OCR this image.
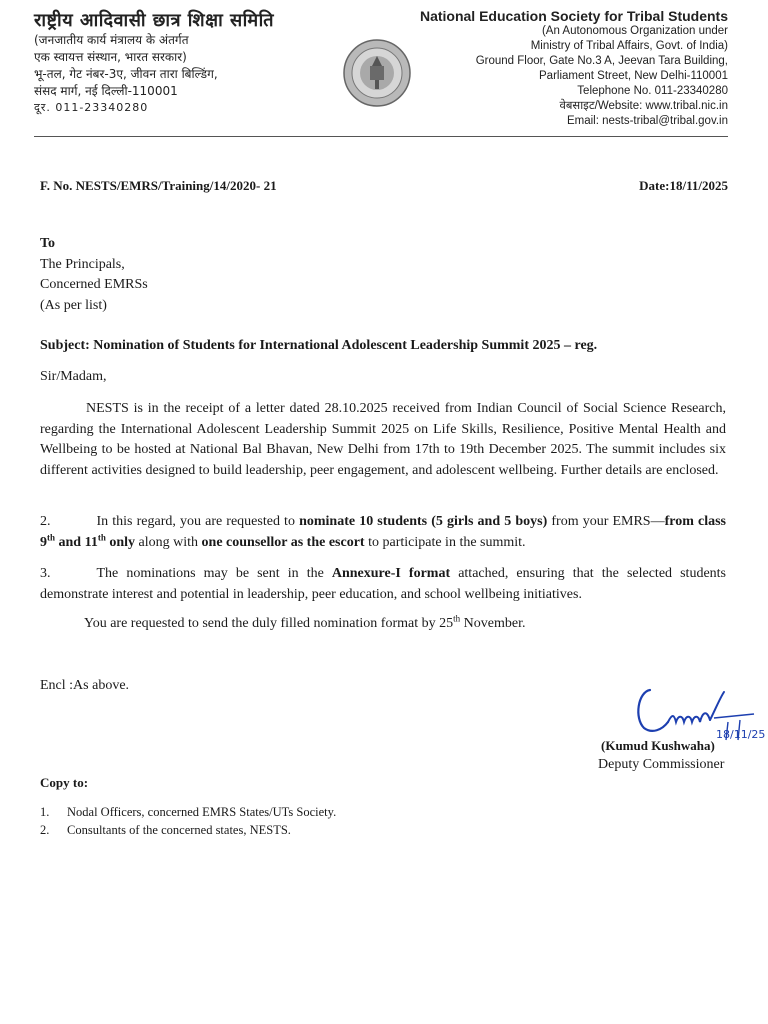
राष्ट्रीय आदिवासी छात्र शिक्षा समिति
(जनजातीय कार्य मंत्रालय के अंतर्गत
एक स्वायत्त संस्थान, भारत सरकार)
भू-तल, गेट नंबर-3ए, जीवन तारा बिल्डिंग,
संसद मार्ग, नई दिल्ली-110001
दूर. 011-23340280
National Education Society for Tribal Students
(An Autonomous Organization under
Ministry of Tribal Affairs, Govt. of India)
Ground Floor, Gate No.3 A, Jeevan Tara Building,
Parliament Street, New Delhi-110001
Telephone No. 011-23340280
वेबसाइट/Website: www.tribal.nic.in
Email: nests-tribal@tribal.gov.in
F. No. NESTS/EMRS/Training/14/2020- 21	Date:18/11/2025
To
The Principals,
Concerned EMRSs
(As per list)
Subject: Nomination of Students for International Adolescent Leadership Summit 2025 – reg.
Sir/Madam,
NESTS is in the receipt of a letter dated 28.10.2025 received from Indian Council of Social Science Research, regarding the International Adolescent Leadership Summit 2025 on Life Skills, Resilience, Positive Mental Health and Wellbeing to be hosted at National Bal Bhavan, New Delhi from 17th to 19th December 2025. The summit includes six different activities designed to build leadership, peer engagement, and adolescent wellbeing. Further details are enclosed.
2.	In this regard, you are requested to nominate 10 students (5 girls and 5 boys) from your EMRS—from class 9th and 11th only along with one counsellor as the escort to participate in the summit.
3.	The nominations may be sent in the Annexure-I format attached, ensuring that the selected students demonstrate interest and potential in leadership, peer education, and school wellbeing initiatives.
You are requested to send the duly filled nomination format by 25th November.
Encl :As above.
18/11/25
(Kumud Kushwaha)
Deputy Commissioner
Copy to:
1.	Nodal Officers, concerned EMRS States/UTs Society.
2.	Consultants of the concerned states, NESTS.
